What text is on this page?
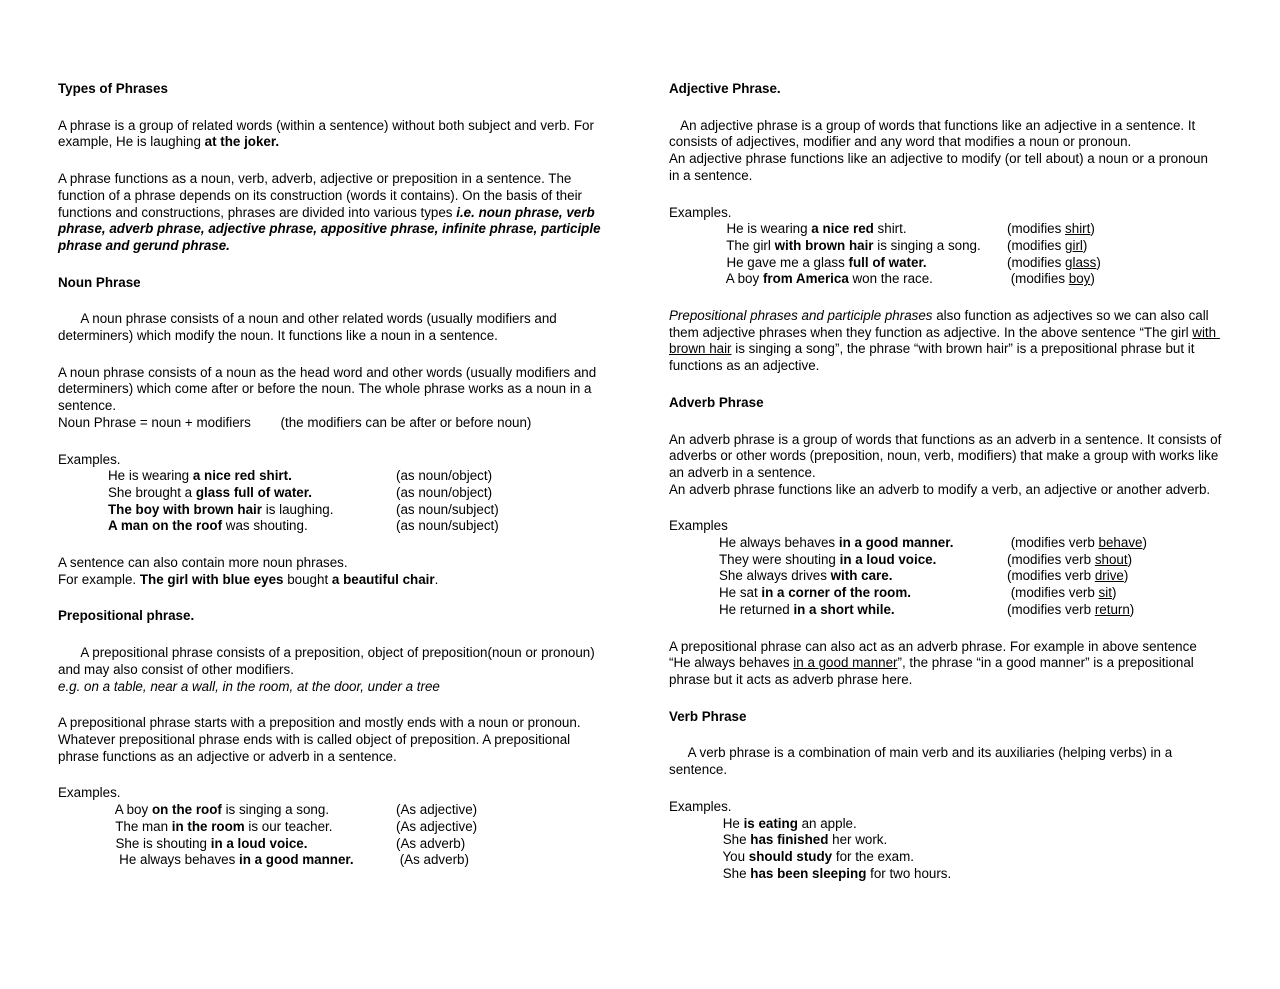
Types of Phrases
A phrase is a group of related words (within a sentence) without both subject and verb. For example, He is laughing at the joker.
A phrase functions as a noun, verb, adverb, adjective or preposition in a sentence. The function of a phrase depends on its construction (words it contains). On the basis of their functions and constructions, phrases are divided into various types i.e. noun phrase, verb phrase, adverb phrase, adjective phrase, appositive phrase, infinite phrase, participle phrase and gerund phrase.
Noun Phrase
A noun phrase consists of a noun and other related words (usually modifiers and determiners) which modify the noun. It functions like a noun in a sentence.
A noun phrase consists of a noun as the head word and other words (usually modifiers and determiners) which come after or before the noun. The whole phrase works as a noun in a sentence.
Noun Phrase = noun + modifiers        (the modifiers can be after or before noun)
Examples.
He is wearing a nice red shirt.	(as noun/object)
She brought a glass full of water.	(as noun/object)
The boy with brown hair is laughing.	(as noun/subject)
A man on the roof was shouting.	(as noun/subject)
A sentence can also contain more noun phrases.
For example. The girl with blue eyes bought a beautiful chair.
Prepositional phrase.
A prepositional phrase consists of a preposition, object of preposition(noun or pronoun) and may also consist of other modifiers.
e.g. on a table, near a wall, in the room, at the door, under a tree
A prepositional phrase starts with a preposition and mostly ends with a noun or pronoun. Whatever prepositional phrase ends with is called object of preposition. A prepositional phrase functions as an adjective or adverb in a sentence.
Examples.
A boy on the roof is singing a song.	(As adjective)
The man in the room is our teacher.	(As adjective)
She is shouting in a loud voice.	(As adverb)
He always behaves in a good manner.	(As adverb)
Adjective Phrase.
An adjective phrase is a group of words that functions like an adjective in a sentence. It consists of adjectives, modifier and any word that modifies a noun or pronoun.
An adjective phrase functions like an adjective to modify (or tell about) a noun or a pronoun in a sentence.
Examples.
He is wearing a nice red shirt.	(modifies shirt)
The girl with brown hair is singing a song. (modifies girl)
He gave me a glass full of water.	(modifies glass)
A boy from America won the race.	(modifies boy)
Prepositional phrases and participle phrases also function as adjectives so we can also call them adjective phrases when they function as adjective. In the above sentence “The girl with brown hair is singing a song”, the phrase “with brown hair” is a prepositional phrase but it functions as an adjective.
Adverb Phrase
An adverb phrase is a group of words that functions as an adverb in a sentence. It consists of adverbs or other words (preposition, noun, verb, modifiers) that make a group with works like an adverb in a sentence.
An adverb phrase functions like an adverb to modify a verb, an adjective or another adverb.
Examples
He always behaves in a good manner.	(modifies verb behave)
They were shouting in a loud voice.	(modifies verb shout)
She always drives with care.	(modifies verb drive)
He sat in a corner of the room.	(modifies verb sit)
He returned in a short while.	(modifies verb return)
A prepositional phrase can also act as an adverb phrase. For example in above sentence “He always behaves in a good manner”, the phrase “in a good manner” is a prepositional phrase but it acts as adverb phrase here.
Verb Phrase
A verb phrase is a combination of main verb and its auxiliaries (helping verbs) in a sentence.
Examples.
He is eating an apple.
She has finished her work.
You should study for the exam.
She has been sleeping for two hours.
